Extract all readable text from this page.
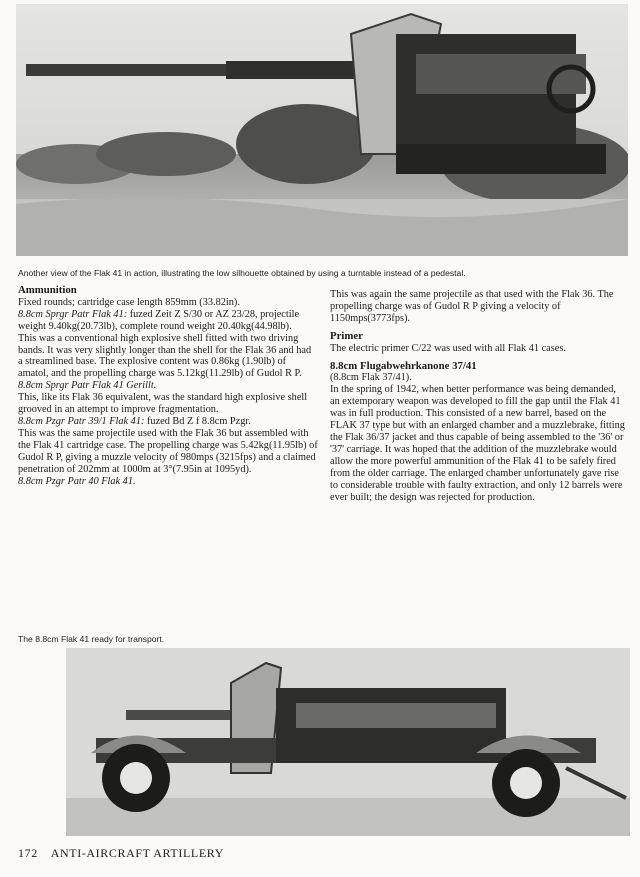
Another view of the Flak 41 in action, illustrating the low silhouette obtained by using a turntable instead of a pedestal.

Ammunition

Fixed rounds; cartridge case length 859mm (33.82in).

8.8cm Sprgr Patr Flak 41: fuzed Zeit Z S/30 or AZ 23/28, projectile weight 9.40kg(20.73lb), complete round weight 20.40kg(44.98lb).

This was a conventional high explosive shell fitted with two driving bands. It was very slightly longer than the shell for the Flak 36 and had a streamlined base. The explosive content was 0.86kg (1.90lb) of amatol, and the propelling charge was 5.12kg(11.29lb) of Gudol R P.

8.8cm Sprgr Patr Flak 41 Gerillt.

This, like its Flak 36 equivalent, was the standard high explosive shell grooved in an attempt to improve fragmentation.

8.8cm Pzgr Patr 39/1 Flak 41: fuzed Bd Z f 8.8cm Pzgr.

This was the same projectile used with the Flak 36 but assembled with the Flak 41 cartridge case. The propelling charge was 5.42kg(11.95lb) of Gudol R P, giving a muzzle velocity of 980mps (3215fps) and a claimed penetration of 202mm at 1000m at 3°(7.95in at 1095yd).

8.8cm Pzgr Patr 40 Flak 41.

This was again the same projectile as that used with the Flak 36. The propelling charge was of Gudol R P giving a velocity of 1150mps(3773fps).

Primer

The electric primer C/22 was used with all Flak 41 cases.

8.8cm Flugabwehrkanone 37/41

(8.8cm Flak 37/41).

In the spring of 1942, when better performance was being demanded, an extemporary weapon was developed to fill the gap until the Flak 41 was in full production. This consisted of a new barrel, based on the FLAK 37 type but with an enlarged chamber and a muzzlebrake, fitting the Flak 36/37 jacket and thus capable of being assembled to the '36' or '37' carriage. It was hoped that the addition of the muzzlebrake would allow the more powerful ammunition of the Flak 41 to be safely fired from the older carriage. The enlarged chamber unfortunately gave rise to considerable trouble with faulty extraction, and only 12 barrels were ever built; the design was rejected for production.

The 8.8cm Flak 41 ready for transport.

172 ANTI-AIRCRAFT ARTILLERY
